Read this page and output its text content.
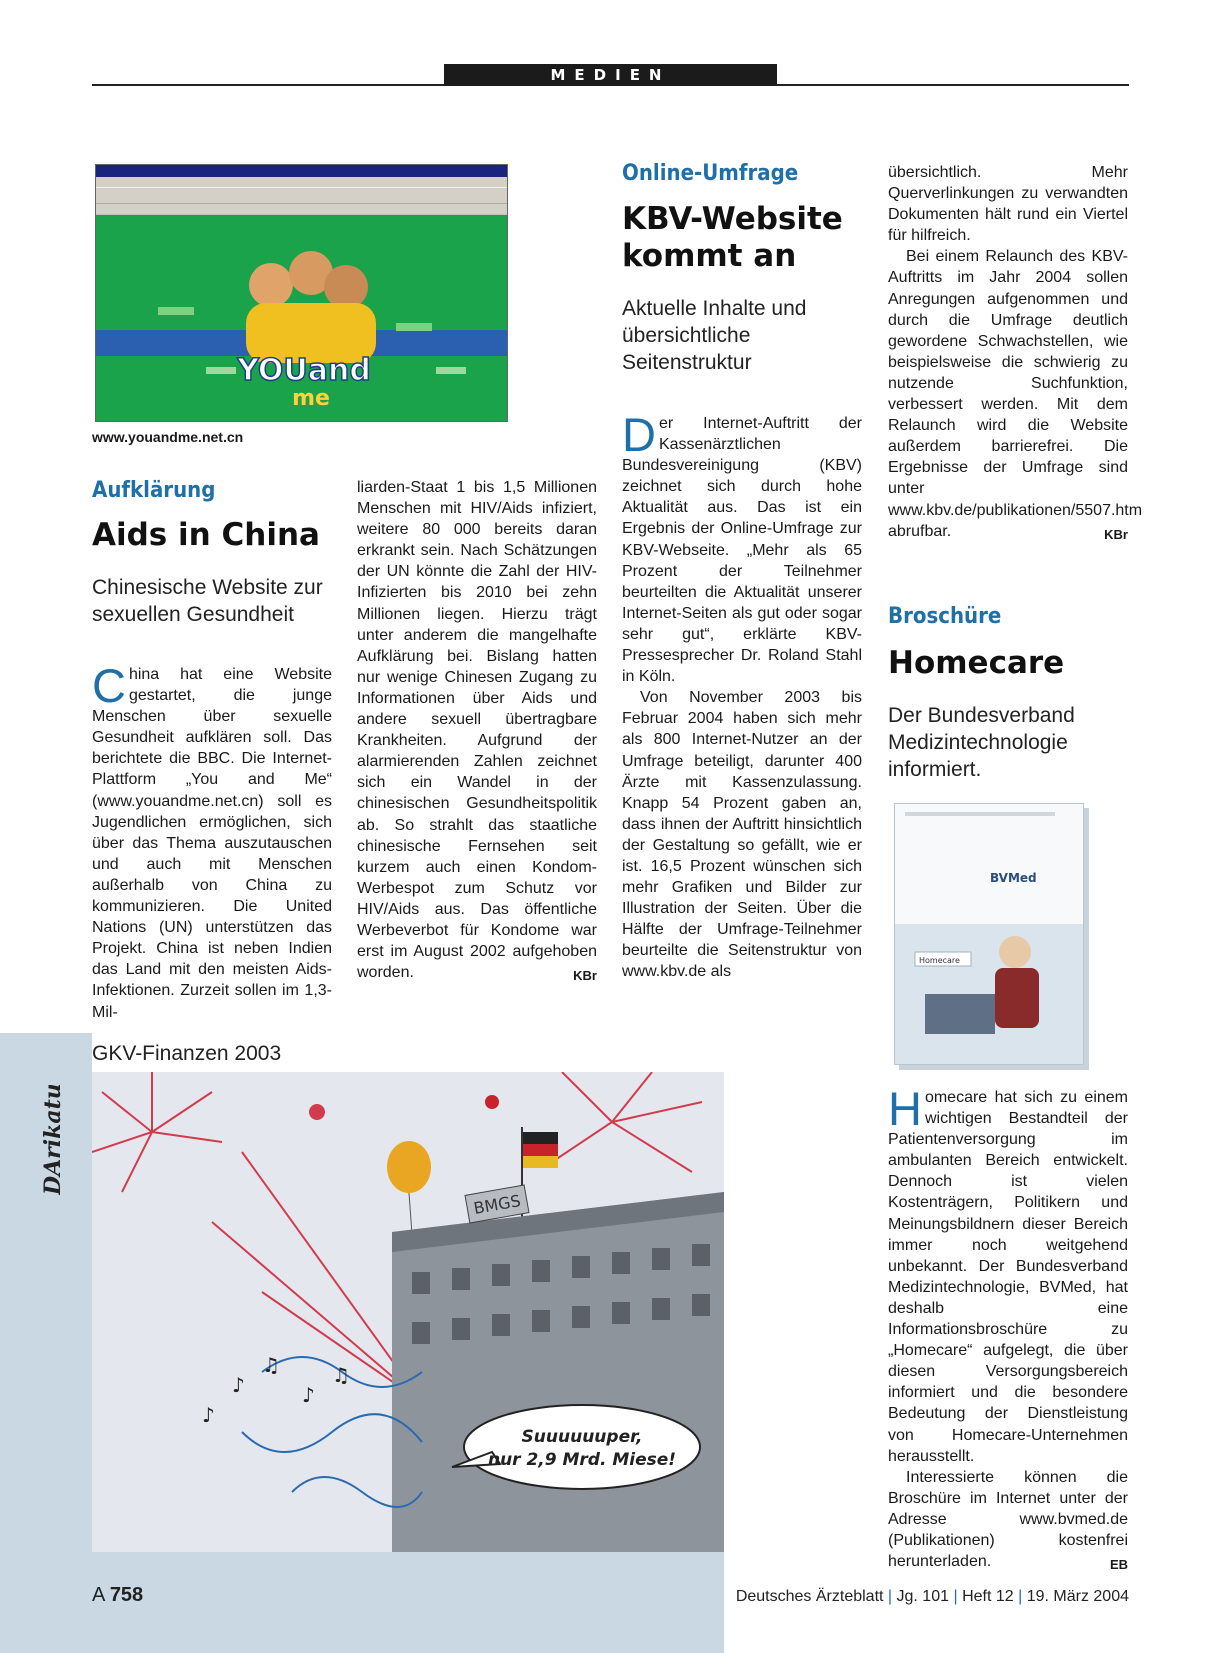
MEDIEN
YOUand
me
www.youandme.net.cn
Aufklärung
Aids in China
Chinesische Website zur sexuellen Gesundheit

China hat eine Website gestartet, die junge Menschen über sexuelle Gesundheit aufklären soll. Das berichtete die BBC. Die Internet-Plattform „You and Me“ (www.youandme.net.cn) soll es Jugendlichen ermöglichen, sich über das Thema auszutauschen und auch mit Menschen außerhalb von China zu kommunizieren. Die United Nations (UN) unterstützen das Projekt. China ist neben Indien das Land mit den meisten Aids-Infektionen. Zurzeit sollen im 1,3-Mil-

liarden-Staat 1 bis 1,5 Millionen Menschen mit HIV/Aids infiziert, weitere 80 000 bereits daran erkrankt sein. Nach Schätzungen der UN könnte die Zahl der HIV-Infizierten bis 2010 bei zehn Millionen liegen. Hierzu trägt unter anderem die mangelhafte Aufklärung bei. Bislang hatten nur wenige Chinesen Zugang zu Informationen über Aids und andere sexuell übertragbare Krankheiten. Aufgrund der alarmierenden Zahlen zeichnet sich ein Wandel in der chinesischen Gesundheitspolitik ab. So strahlt das staatliche chinesische Fernsehen seit kurzem auch einen Kondom-Werbespot zum Schutz vor HIV/Aids aus. Das öffentliche Werbeverbot für Kondome war erst im August 2002 aufgehoben worden.	KBr

Online-Umfrage
KBV-Website kommt an
Aktuelle Inhalte und übersichtliche Seitenstruktur

Der Internet-Auftritt der Kassenärztlichen Bundesvereinigung (KBV) zeichnet sich durch hohe Aktualität aus. Das ist ein Ergebnis der Online-Umfrage zur KBV-Webseite. „Mehr als 65 Prozent der Teilnehmer beurteilten die Aktualität unserer Internet-Seiten als gut oder sogar sehr gut“, erklärte KBV-Pressesprecher Dr. Roland Stahl in Köln.

Von November 2003 bis Februar 2004 haben sich mehr als 800 Internet-Nutzer an der Umfrage beteiligt, darunter 400 Ärzte mit Kassenzulassung. Knapp 54 Prozent gaben an, dass ihnen der Auftritt hinsichtlich der Gestaltung so gefällt, wie er ist. 16,5 Prozent wünschen sich mehr Grafiken und Bilder zur Illustration der Seiten. Über die Hälfte der Umfrage-Teilnehmer beurteilte die Seitenstruktur von www.kbv.de als

übersichtlich. Mehr Querverlinkungen zu verwandten Dokumenten hält rund ein Viertel für hilfreich.

Bei einem Relaunch des KBV-Auftritts im Jahr 2004 sollen Anregungen aufgenommen und durch die Umfrage deutlich gewordene Schwachstellen, wie beispielsweise die schwierig zu nutzende Suchfunktion, verbessert werden. Mit dem Relaunch wird die Website außerdem barrierefrei. Die Ergebnisse der Umfrage sind unter www.kbv.de/publikationen/5507.htm abrufbar.	KBr

Broschüre
Homecare
Der Bundesverband Medizintechnologie informiert.
BVMed
Homecare

Homecare hat sich zu einem wichtigen Bestandteil der Patientenversorgung im ambulanten Bereich entwickelt. Dennoch ist vielen Kostenträgern, Politikern und Meinungsbildnern dieser Bereich immer noch weitgehend unbekannt. Der Bundesverband Medizintechnologie, BVMed, hat deshalb eine Informationsbroschüre zu „Homecare“ aufgelegt, die über diesen Versorgungsbereich informiert und die besondere Bedeutung der Dienstleistung von Homecare-Unternehmen herausstellt.

Interessierte können die Broschüre im Internet unter der Adresse www.bvmed.de (Publikationen) kostenfrei herunterladen.	EB

GKV-Finanzen 2003
DArikatur
BMGS
♪
♫
♪
♫
♪
Suuuuuuper,
nur 2,9 Mrd. Miese!
A 758	Deutsches Ärzteblatt | Jg. 101 | Heft 12 | 19. März 2004
